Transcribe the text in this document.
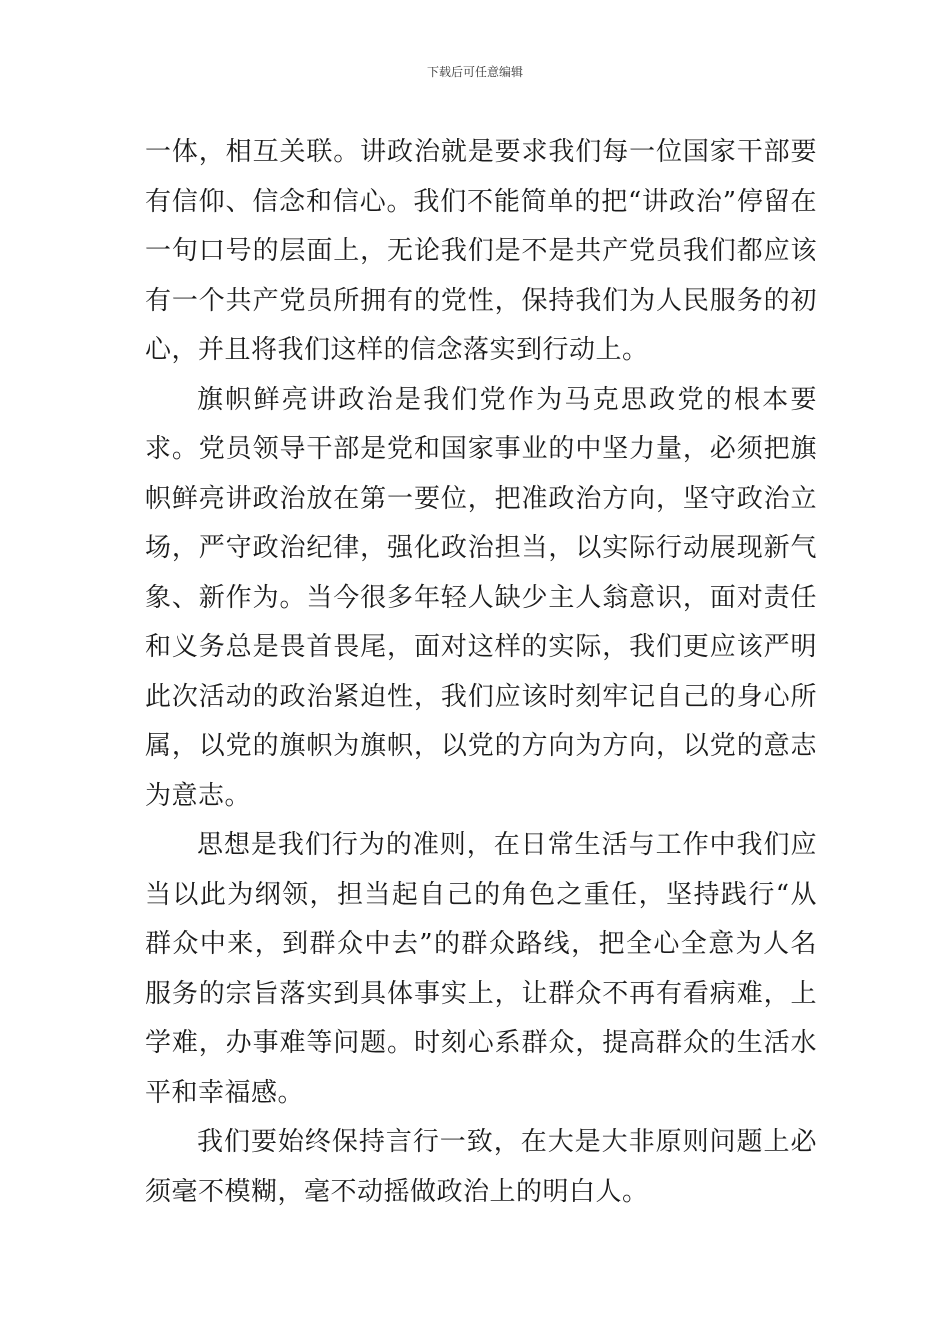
下载后可任意编辑

一体，相互关联。讲政治就是要求我们每一位国家干部要有信仰、信念和信心。我们不能简单的把“讲政治”停留在一句口号的层面上，无论我们是不是共产党员我们都应该有一个共产党员所拥有的党性，保持我们为人民服务的初心，并且将我们这样的信念落实到行动上。

旗帜鲜亮讲政治是我们党作为马克思政党的根本要求。党员领导干部是党和国家事业的中坚力量，必须把旗帜鲜亮讲政治放在第一要位，把准政治方向，坚守政治立场，严守政治纪律，强化政治担当，以实际行动展现新气象、新作为。当今很多年轻人缺少主人翁意识，面对责任和义务总是畏首畏尾，面对这样的实际，我们更应该严明此次活动的政治紧迫性，我们应该时刻牢记自己的身心所属，以党的旗帜为旗帜，以党的方向为方向，以党的意志为意志。

思想是我们行为的准则，在日常生活与工作中我们应当以此为纲领，担当起自己的角色之重任，坚持践行“从群众中来，到群众中去”的群众路线，把全心全意为人名服务的宗旨落实到具体事实上，让群众不再有看病难，上学难，办事难等问题。时刻心系群众，提高群众的生活水平和幸福感。

我们要始终保持言行一致，在大是大非原则问题上必须毫不模糊，毫不动摇做政治上的明白人。
